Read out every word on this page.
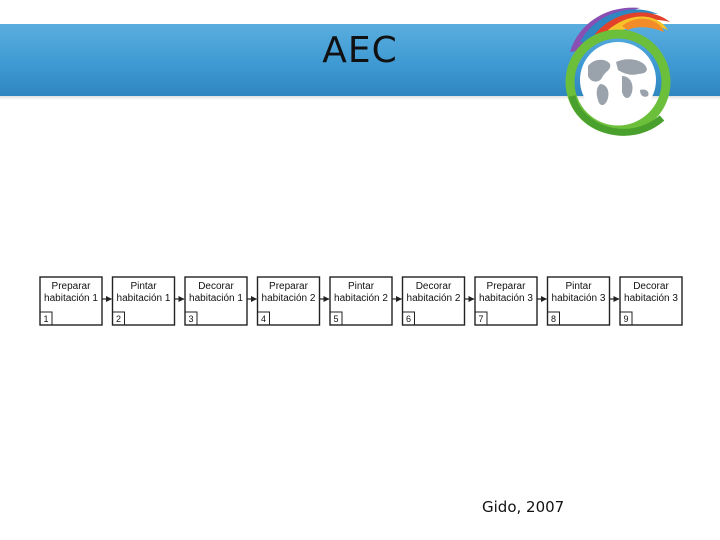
AEC
Preparar
habitación 1
1
Pintar
habitación 1
2
Decorar
habitación 1
3
Preparar
habitación 2
4
Pintar
habitación 2
5
Decorar
habitación 2
6
Preparar
habitación 3
7
Pintar
habitación 3
8
Decorar
habitación 3
9
Gido, 2007
